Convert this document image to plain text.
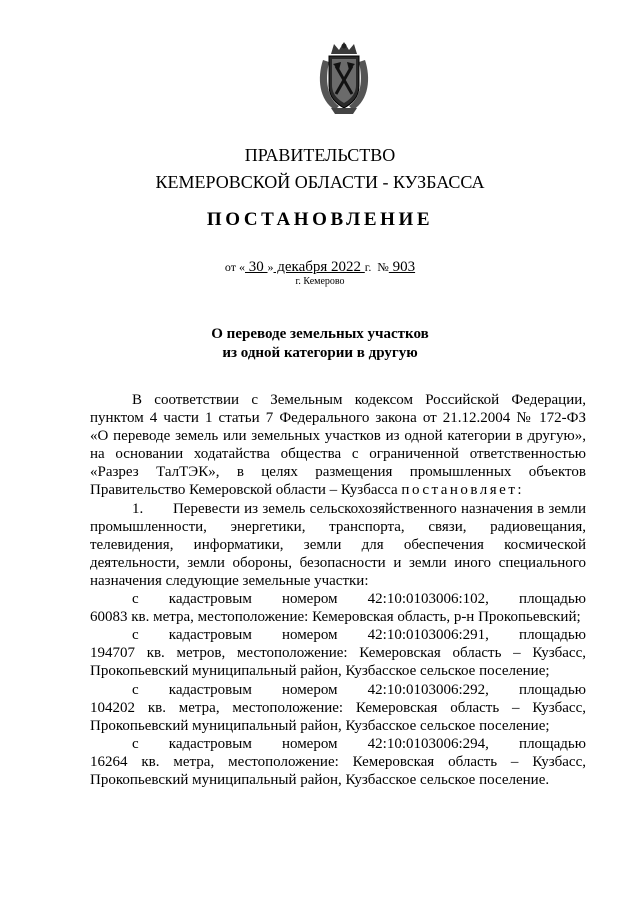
ПРАВИТЕЛЬСТВО
КЕМЕРОВСКОЙ ОБЛАСТИ - КУЗБАССА
ПОСТАНОВЛЕНИЕ
от « 30 » декабря 2022 г. № 903
г. Кемерово
О переводе земельных участков
из одной категории в другую

В соответствии с Земельным кодексом Российской Федерации,

пунктом 4 части 1 статьи 7 Федерального закона от 21.12.2004 № 172-ФЗ

«О переводе земель или земельных участков из одной категории в другую»,

на основании ходатайства общества с ограниченной ответственностью

«Разрез ТалТЭК», в целях размещения промышленных объектов

Правительство Кемеровской области – Кузбасса постановляет:

1. Перевести из земель сельскохозяйственного назначения в земли

промышленности, энергетики, транспорта, связи, радиовещания,

телевидения, информатики, земли для обеспечения космической

деятельности, земли обороны, безопасности и земли иного специального

назначения следующие земельные участки:

с кадастровым номером 42:10:0103006:102, площадью

60083 кв. метра, местоположение: Кемеровская область, р-н Прокопьевский;

с кадастровым номером 42:10:0103006:291, площадью

194707 кв. метров, местоположение: Кемеровская область – Кузбасс,

Прокопьевский муниципальный район, Кузбасское сельское поселение;

с кадастровым номером 42:10:0103006:292, площадью

104202 кв. метра, местоположение: Кемеровская область – Кузбасс,

Прокопьевский муниципальный район, Кузбасское сельское поселение;

с кадастровым номером 42:10:0103006:294, площадью

16264 кв. метра, местоположение: Кемеровская область – Кузбасс,

Прокопьевский муниципальный район, Кузбасское сельское поселение.
